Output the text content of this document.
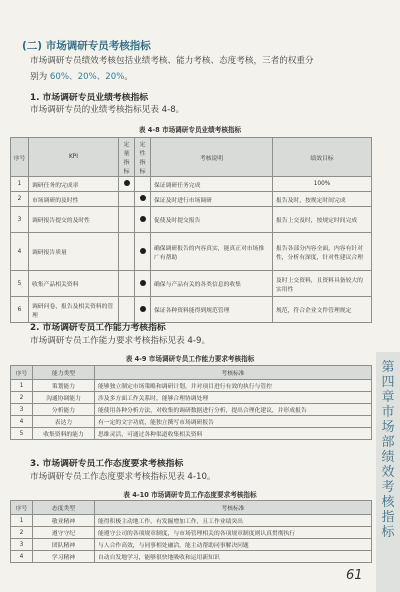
(二) 市场调研专员考核指标
市场调研专员绩效考核包括业绩考核、能力考核、态度考核，三者的权重分
别为 60%、20%、20%。
1. 市场调研专员业绩考核指标
市场调研专员的业绩考核指标见表 4-8。
表 4-8 市场调研专员业绩考核指标
序号	KPI	定量指标	定性指标	考核说明	绩效目标
1	调研任务的完成率			保证调研任务完成	100%
2	市场调研的及时性			保证及时进行市场调研	报告及时，按规定时间完成
3	调研报告提交的及时性			促使及时提交报告	报告上交及时，按规定时间完成
4	调研报告质量			确保调研报告的内容真实，能真正对市场推广有帮助	报告各部分内容全面，内容有针对性，分析有深度，针对性建议合理
5	收集产品相关资料			确保与产品有关的各类信息的收集	及时上交资料，且资料具备较大的实用性
6	调研问卷、报告及相关资料的管理			保证各种资料能得到规范管理	规范，符合企业文件管理规定
2. 市场调研专员工作能力考核指标
市场调研专员工作能力要求考核指标见表 4-9。
表 4-9 市场调研专员工作能力要求考核指标
序号	能力类型	考核标准
1	策划能力	能够独立制定市场策略和调研计划，并对项目进行有效的执行与管控
2	沟通协调能力	涉及多方面工作关系时，能够合理协调处理
3	分析能力	能使用各种分析方法，对收集的调研数据进行分析，提出合理化建议，并形成报告
4	表达力	有一定的文字功底，能独立撰写市场调研报告
5	收集资料的能力	思维灵活，可通过各种渠道收集相关资料
3. 市场调研专员工作态度要求考核指标
市场调研专员工作态度要求考核指标见表 4-10。
表 4-10 市场调研专员工作态度要求考核指标
序号	态度类型	考核标准
1	敬业精神	能得积极主动地工作，有发掘增加工作，且工作业绩突出
2	遵守守纪	能遵守公司的各项规章制度，与市场管理相关的各项规章制度则认真贯彻执行
3	团队精神	与人合作高效，与同事相处融洽，能主动帮助同事解决问题
4	学习精神	自动自发地学习，能够很快地吸收和运用新知识
第四章 市场部绩效考核指标
61
